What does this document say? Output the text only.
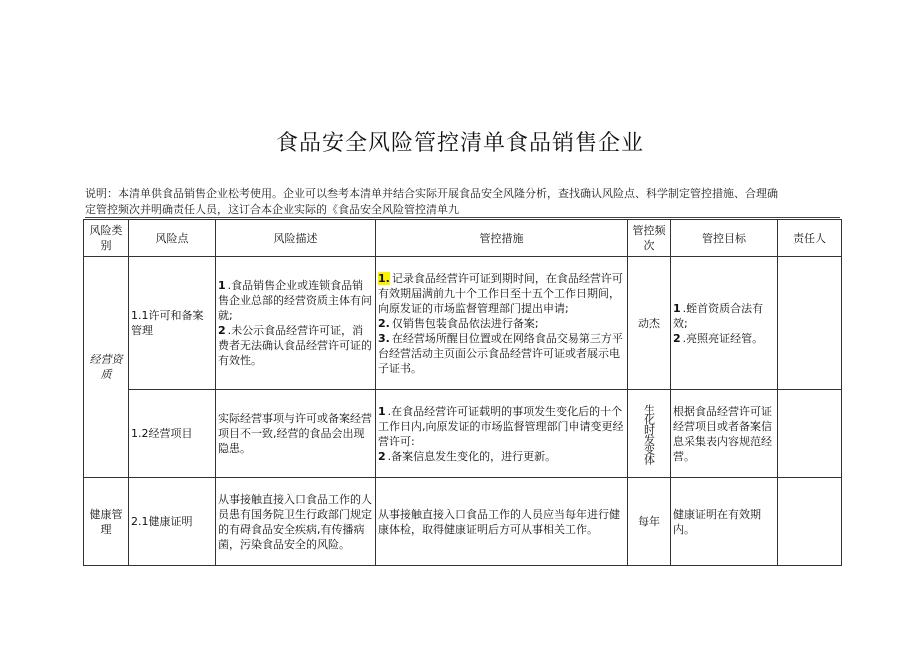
食品安全风险管控清单食品销售企业
说明：本清单供食品销售企业松考使用。企业可以叁考本清单并结合实际开展食品安全风隆分析，查找确认风险点、科学制定管控措施、合理确
定管控频次并明确责任人员，这订合本企业实际的《食品安全风险管控清单九
风险类别	风险点	风险描述	管控措施	管控频次	管控目标	责任人
经营资质	1.1许可和备案管理	1 .食品销售企业或连锁食品销售企业总部的经营资质主体有问就;
2 .未公示食品经营许可证，消费者无法确认食品经营许可证的有效性。	1. 记录食品经营许可证到期时间，在食品经营许可有效期届满前九十个工作日至十五个工作日期间，向原发证的市场监督管理部门提出申请;
2. 仅销售包装食品依法进行备案;
3. 在经营场所醒目位置或在网络食品交易第三方平台经营活动主页面公示食品经营许可证或者展示电子证书。	动杰	1 .蛭首资质合法有效;
2 .亮照亮证经管。	

	1.2经营项目	实际经营事项与许可或备案经营项目不一致,经营的食品会出现隐患。	1 .在食品经营许可证载明的事项发生变化后的十个工作日内,向原发证的市场监督管理部门申请变更经营许可:
2 .备案信息发生变化的，进行更新。	生化时发变体	根据食品经营许可证经营项目或者备案信息采集表内容规范经营。	

健康管理	2.1健康证明	从事接触直接入口食品工作的人员患有国务院卫生行政部门规定的有碍食品安全疾病,有传播病菌，污染食品安全的风险。	从事接触直接入口食品工作的人员应当每年进行健康体检，取得健康证明后方可从事相关工作。	每年	健康证明在有效期内。	
